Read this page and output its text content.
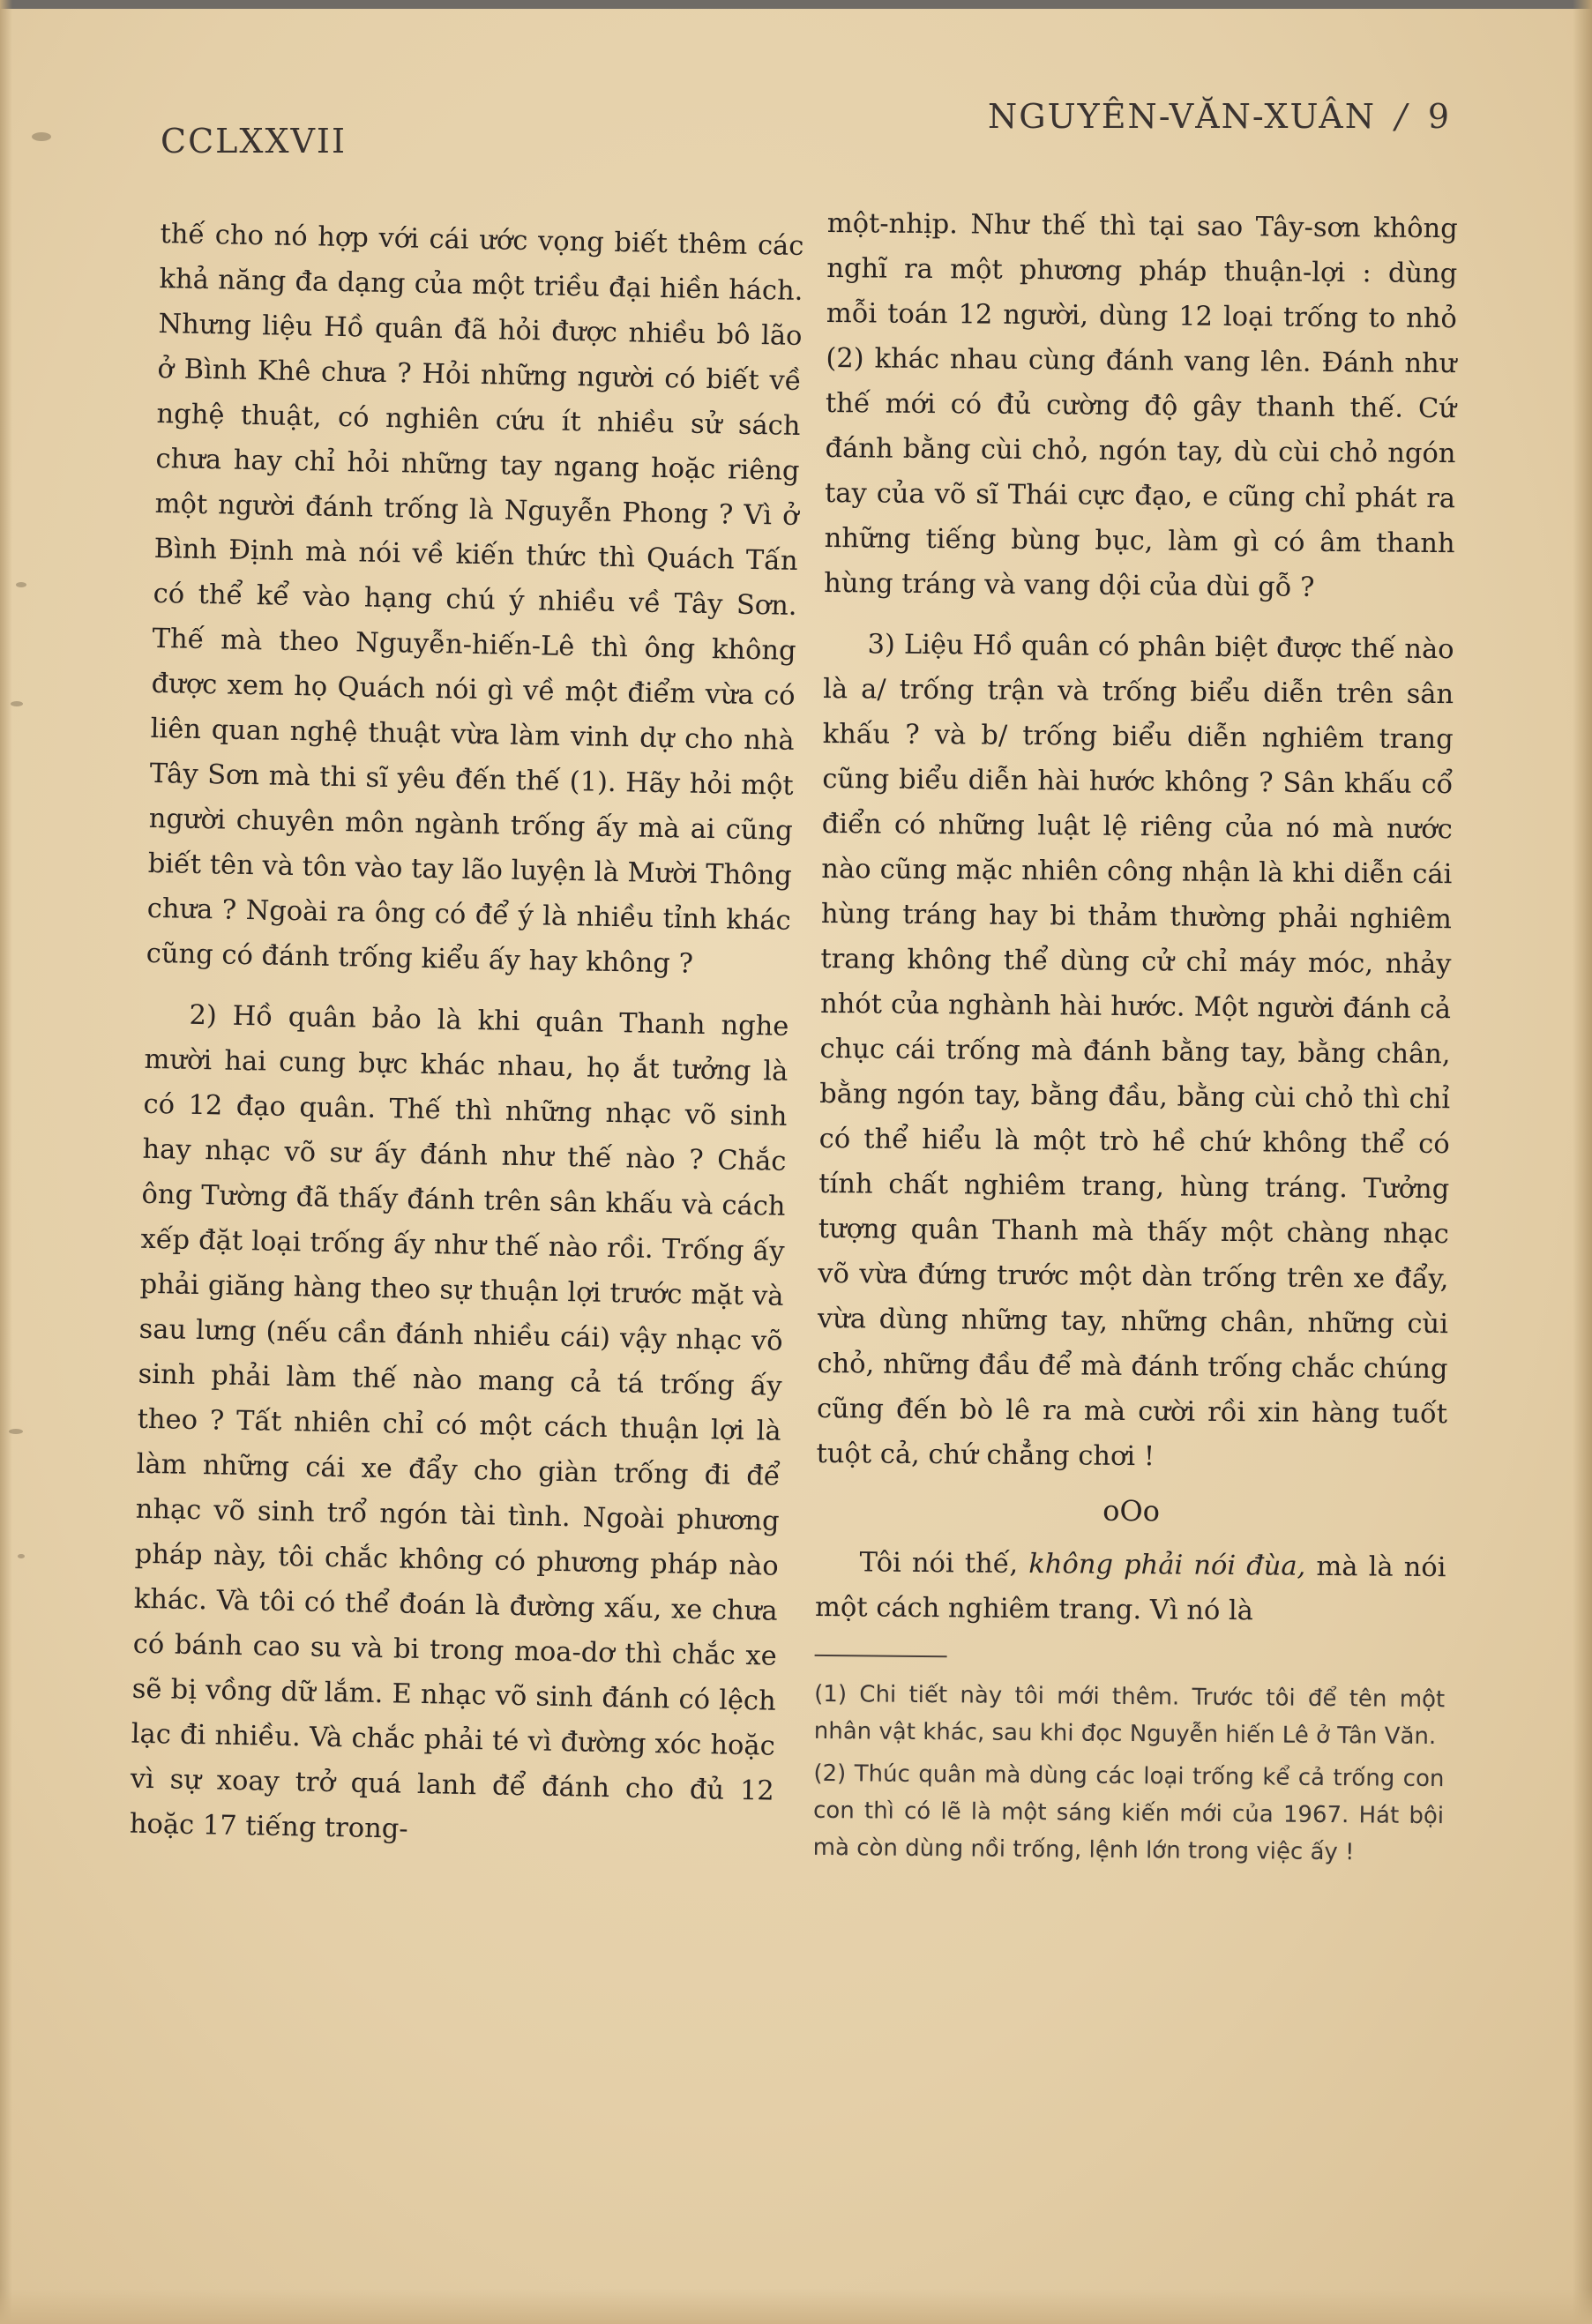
CCLXXVII
NGUYÊN-VĂN-XUÂN / 9

thế cho nó hợp với cái ước vọng biết thêm các khả năng đa dạng của một triều đại hiền hách. Nhưng liệu Hồ quân đã hỏi được nhiều bô lão ở Bình Khê chưa ? Hỏi những người có biết về nghệ thuật, có nghiên cứu ít nhiều sử sách chưa hay chỉ hỏi những tay ngang hoặc riêng một người đánh trống là Nguyễn Phong ? Vì ở Bình Định mà nói về kiến thức thì Quách Tấn có thể kể vào hạng chú ý nhiều về Tây Sơn. Thế mà theo Nguyễn-hiến-Lê thì ông không được xem họ Quách nói gì về một điểm vừa có liên quan nghệ thuật vừa làm vinh dự cho nhà Tây Sơn mà thi sĩ yêu đến thế (1). Hãy hỏi một người chuyên môn ngành trống ấy mà ai cũng biết tên và tôn vào tay lão luyện là Mười Thông chưa ? Ngoài ra ông có để ý là nhiều tỉnh khác cũng có đánh trống kiểu ấy hay không ?

2) Hồ quân bảo là khi quân Thanh nghe mười hai cung bực khác nhau, họ ắt tưởng là có 12 đạo quân. Thế thì những nhạc võ sinh hay nhạc võ sư ấy đánh như thế nào ? Chắc ông Tường đã thấy đánh trên sân khấu và cách xếp đặt loại trống ấy như thế nào rồi. Trống ấy phải giăng hàng theo sự thuận lợi trước mặt và sau lưng (nếu cần đánh nhiều cái) vậy nhạc võ sinh phải làm thế nào mang cả tá trống ấy theo ? Tất nhiên chỉ có một cách thuận lợi là làm những cái xe đẩy cho giàn trống đi để nhạc võ sinh trổ ngón tài tình. Ngoài phương pháp này, tôi chắc không có phương pháp nào khác. Và tôi có thể đoán là đường xấu, xe chưa có bánh cao su và bi trong moa-dơ thì chắc xe sẽ bị vồng dữ lắm. E nhạc võ sinh đánh có lệch lạc đi nhiều. Và chắc phải té vì đường xóc hoặc vì sự xoay trở quá lanh để đánh cho đủ 12 hoặc 17 tiếng trong-

một-nhịp. Như thế thì tại sao Tây-sơn không nghĩ ra một phương pháp thuận-lợi : dùng mỗi toán 12 người, dùng 12 loại trống to nhỏ (2) khác nhau cùng đánh vang lên. Đánh như thế mới có đủ cường độ gây thanh thế. Cứ đánh bằng cùi chỏ, ngón tay, dù cùi chỏ ngón tay của võ sĩ Thái cực đạo, e cũng chỉ phát ra những tiếng bùng bục, làm gì có âm thanh hùng tráng và vang dội của dùi gỗ ?

3) Liệu Hồ quân có phân biệt được thế nào là a/ trống trận và trống biểu diễn trên sân khấu ? và b/ trống biểu diễn nghiêm trang cũng biểu diễn hài hước không ? Sân khấu cổ điển có những luật lệ riêng của nó mà nước nào cũng mặc nhiên công nhận là khi diễn cái hùng tráng hay bi thảm thường phải nghiêm trang không thể dùng cử chỉ máy móc, nhảy nhót của nghành hài hước. Một người đánh cả chục cái trống mà đánh bằng tay, bằng chân, bằng ngón tay, bằng đầu, bằng cùi chỏ thì chỉ có thể hiểu là một trò hề chứ không thể có tính chất nghiêm trang, hùng tráng. Tưởng tượng quân Thanh mà thấy một chàng nhạc võ vừa đứng trước một dàn trống trên xe đẩy, vừa dùng những tay, những chân, những cùi chỏ, những đầu để mà đánh trống chắc chúng cũng đến bò lê ra mà cười rồi xin hàng tuốt tuột cả, chứ chẳng chơi !

oOo

Tôi nói thế, không phải nói đùa, mà là nói một cách nghiêm trang. Vì nó là

(1) Chi tiết này tôi mới thêm. Trước tôi để tên một nhân vật khác, sau khi đọc Nguyễn hiến Lê ở Tân Văn.

(2) Thúc quân mà dùng các loại trống kể cả trống con con thì có lẽ là một sáng kiến mới của 1967. Hát bội mà còn dùng nồi trống, lệnh lớn trong việc ấy !
